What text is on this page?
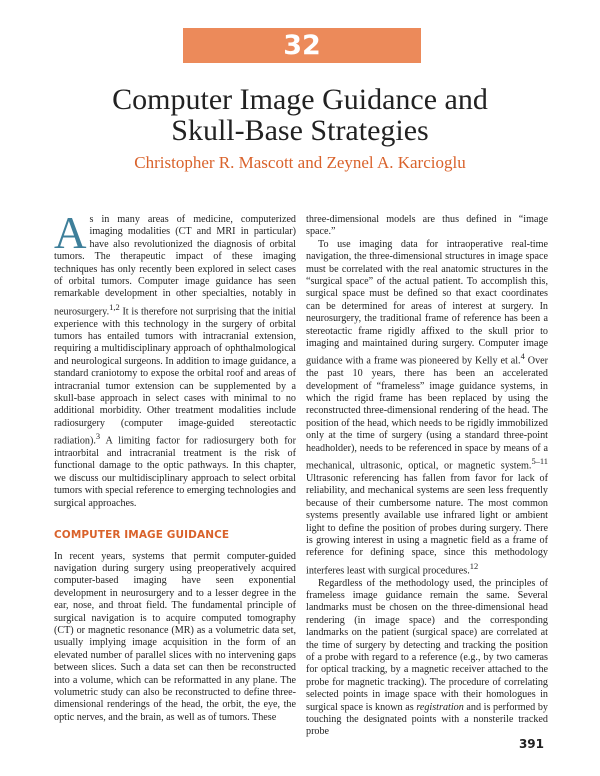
32
Computer Image Guidance and
Skull-Base Strategies
Christopher R. Mascott and Zeynel A. Karcioglu

As in many areas of medicine, computerized imaging modalities (CT and MRI in particular) have also revolutionized the diagnosis of orbital tumors. The therapeutic impact of these imaging techniques has only recently been explored in select cases of orbital tumors. Computer image guidance has seen remarkable development in other specialties, notably in neurosurgery.$^{1,2}$ It is therefore not surprising that the initial experience with this technology in the surgery of orbital tumors has entailed tumors with intracranial extension, requiring a multidisciplinary approach of ophthalmological and neurological surgeons. In addition to image guidance, a standard craniotomy to expose the orbital roof and areas of intracranial tumor extension can be supplemented by a skull-base approach in select cases with minimal to no additional morbidity. Other treatment modalities include radiosurgery (computer image-guided stereotactic radiation).$^3$ A limiting factor for radiosurgery both for intraorbital and intracranial treatment is the risk of functional damage to the optic pathways. In this chapter, we discuss our multidisciplinary approach to select orbital tumors with special reference to emerging technologies and surgical approaches.

COMPUTER IMAGE GUIDANCE

In recent years, systems that permit computer-guided navigation during surgery using preoperatively acquired computer-based imaging have seen exponential development in neurosurgery and to a lesser degree in the ear, nose, and throat field. The fundamental principle of surgical navigation is to acquire computed tomography (CT) or magnetic resonance (MR) as a volumetric data set, usually implying image acquisition in the form of an elevated number of parallel slices with no intervening gaps between slices. Such a data set can then be reconstructed into a volume, which can be reformatted in any plane. The volumetric study can also be reconstructed to define three-dimensional renderings of the head, the orbit, the eye, the optic nerves, and the brain, as well as of tumors. These

three-dimensional models are thus defined in “image space.”

To use imaging data for intraoperative real-time navigation, the three-dimensional structures in image space must be correlated with the real anatomic structures in the “surgical space” of the actual patient. To accomplish this, surgical space must be defined so that exact coordinates can be determined for areas of interest at surgery. In neurosurgery, the traditional frame of reference has been a stereotactic frame rigidly affixed to the skull prior to imaging and maintained during surgery. Computer image guidance with a frame was pioneered by Kelly et al.$^4$ Over the past 10 years, there has been an accelerated development of “frameless” image guidance systems, in which the rigid frame has been replaced by using the reconstructed three-dimensional rendering of the head. The position of the head, which needs to be rigidly immobilized only at the time of surgery (using a standard three-point headholder), needs to be referenced in space by means of a mechanical, ultrasonic, optical, or magnetic system.$^{5-11}$ Ultrasonic referencing has fallen from favor for lack of reliability, and mechanical systems are seen less frequently because of their cumbersome nature. The most common systems presently available use infrared light or ambient light to define the position of probes during surgery. There is growing interest in using a magnetic field as a frame of reference for defining space, since this methodology interferes least with surgical procedures.$^{12}$

Regardless of the methodology used, the principles of frameless image guidance remain the same. Several landmarks must be chosen on the three-dimensional head rendering (in image space) and the corresponding landmarks on the patient (surgical space) are correlated at the time of surgery by detecting and tracking the position of a probe with regard to a reference (e.g., by two cameras for optical tracking, by a magnetic receiver attached to the probe for magnetic tracking). The procedure of correlating selected points in image space with their homologues in surgical space is known as registration and is performed by touching the designated points with a nonsterile tracked probe

391
